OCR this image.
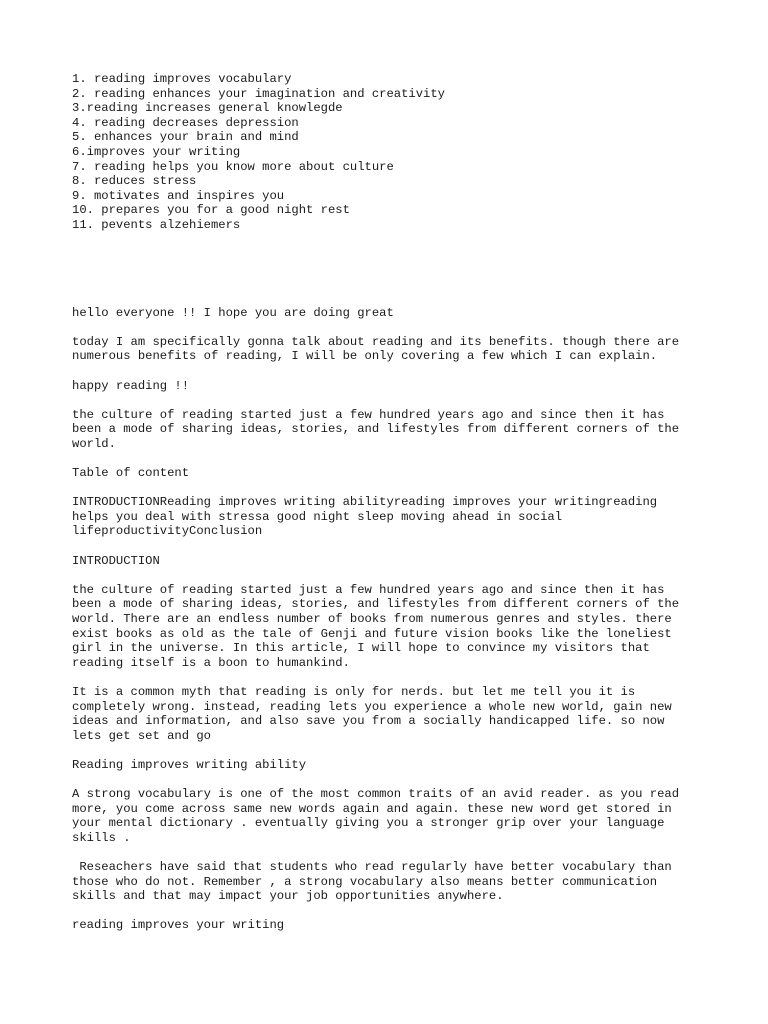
1. reading improves vocabulary
2. reading enhances your imagination and creativity
3.reading increases general knowlegde
4. reading decreases depression
5. enhances your brain and mind
6.improves your writing
7. reading helps you know more about culture
8. reduces stress
9. motivates and inspires you
10. prepares you for a good night rest
11. pevents alzehiemers

hello everyone !! I hope you are doing great

today I am specifically gonna talk about reading and its benefits. though there are
numerous benefits of reading, I will be only covering a few which I can explain.

happy reading !!

the culture of reading started just a few hundred years ago and since then it has
been a mode of sharing ideas, stories, and lifestyles from different corners of the
world.

Table of content

INTRODUCTIONReading improves writing abilityreading improves your writingreading
helps you deal with stressa good night sleep moving ahead in social
lifeproductivityConclusion

INTRODUCTION

the culture of reading started just a few hundred years ago and since then it has
been a mode of sharing ideas, stories, and lifestyles from different corners of the
world. There are an endless number of books from numerous genres and styles. there
exist books as old as the tale of Genji and future vision books like the loneliest
girl in the universe. In this article, I will hope to convince my visitors that
reading itself is a boon to humankind.

It is a common myth that reading is only for nerds. but let me tell you it is
completely wrong. instead, reading lets you experience a whole new world, gain new
ideas and information, and also save you from a socially handicapped life. so now
lets get set and go

Reading improves writing ability

A strong vocabulary is one of the most common traits of an avid reader. as you read
more, you come across same new words again and again. these new word get stored in
your mental dictionary . eventually giving you a stronger grip over your language
skills .

Reseachers have said that students who read regularly have better vocabulary than
those who do not. Remember , a strong vocabulary also means better communication
skills and that may impact your job opportunities anywhere.

reading improves your writing
